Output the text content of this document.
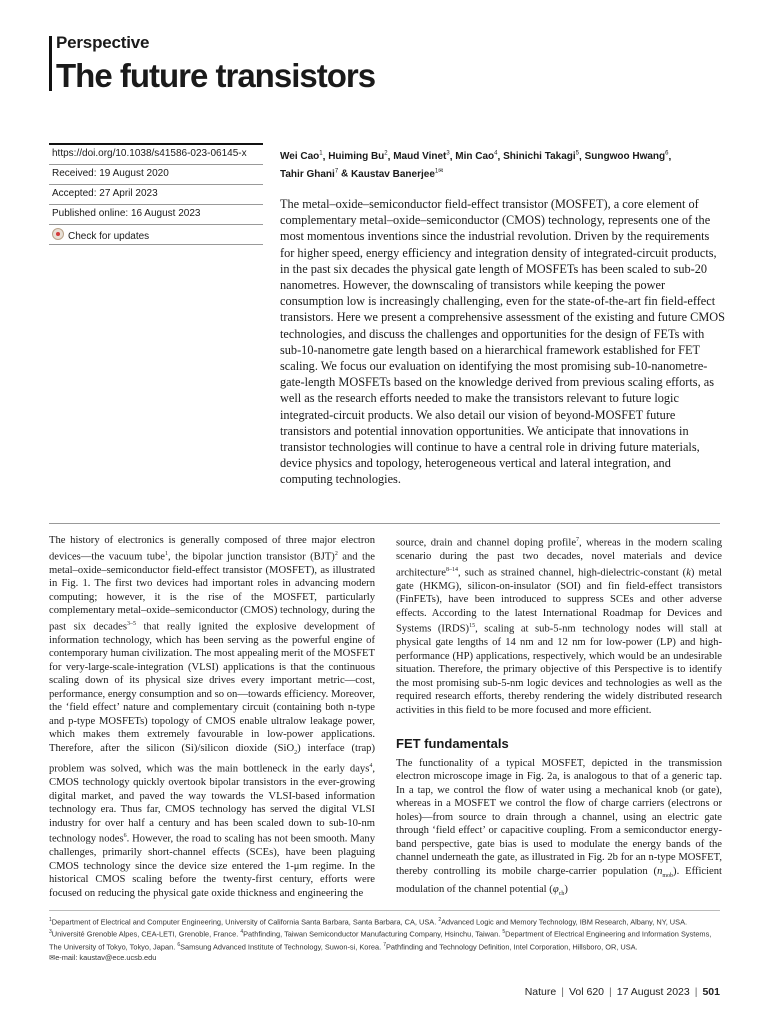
Perspective
The future transistors
https://doi.org/10.1038/s41586-023-06145-x
Received: 19 August 2020
Accepted: 27 April 2023
Published online: 16 August 2023
Check for updates
Wei Cao$^1$, Huiming Bu$^2$, Maud Vinet$^3$, Min Cao$^4$, Shinichi Takagi$^5$, Sungwoo Hwang$^6$,
Tahir Ghani$^7$ & Kaustav Banerjee$^{1✉}$
The metal–oxide–semiconductor field-effect transistor (MOSFET), a core element of complementary metal–oxide–semiconductor (CMOS) technology, represents one of the most momentous inventions since the industrial revolution. Driven by the requirements for higher speed, energy efficiency and integration density of integrated-circuit products, in the past six decades the physical gate length of MOSFETs has been scaled to sub-20 nanometres. However, the downscaling of transistors while keeping the power consumption low is increasingly challenging, even for the state-of-the-art fin field-effect transistors. Here we present a comprehensive assessment of the existing and future CMOS technologies, and discuss the challenges and opportunities for the design of FETs with sub-10-nanometre gate length based on a hierarchical framework established for FET scaling. We focus our evaluation on identifying the most promising sub-10-nanometre-gate-length MOSFETs based on the knowledge derived from previous scaling efforts, as well as the research efforts needed to make the transistors relevant to future logic integrated-circuit products. We also detail our vision of beyond-MOSFET future transistors and potential innovation opportunities. We anticipate that innovations in transistor technologies will continue to have a central role in driving future materials, device physics and topology, heterogeneous vertical and lateral integration, and computing technologies.

The history of electronics is generally composed of three major electron devices—the vacuum tube$^1$, the bipolar junction transistor (BJT)$^2$ and the metal–oxide–semiconductor field-effect transistor (MOSFET), as illustrated in Fig. 1. The first two devices had important roles in advancing modern computing; however, it is the rise of the MOSFET, particularly complementary metal–oxide–semiconductor (CMOS) technology, during the past six decades$^{3-5}$ that really ignited the explosive development of information technology, which has been serving as the powerful engine of contemporary human civilization. The most appealing merit of the MOSFET for very-large-scale-integration (VLSI) applications is that the continuous scaling down of its physical size drives every important metric—cost, performance, energy consumption and so on—towards efficiency. Moreover, the ‘field effect’ nature and complementary circuit (containing both n-type and p-type MOSFETs) topology of CMOS enable ultralow leakage power, which makes them extremely favourable in low-power applications. Therefore, after the silicon (Si)/silicon dioxide (SiO$_2$) interface (trap) problem was solved, which was the main bottleneck in the early days$^4$, CMOS technology quickly overtook bipolar transistors in the ever-growing digital market, and paved the way towards the VLSI-based information technology era. Thus far, CMOS technology has served the digital VLSI industry for over half a century and has been scaled down to sub-10-nm technology nodes$^6$. However, the road to scaling has not been smooth. Many challenges, primarily short-channel effects (SCEs), have been plaguing CMOS technology since the device size entered the 1-μm regime. In the historical CMOS scaling before the twenty-first century, efforts were focused on reducing the physical gate oxide thickness and engineering the

source, drain and channel doping profile$^7$, whereas in the modern scaling scenario during the past two decades, novel materials and device architecture$^{8-14}$, such as strained channel, high-dielectric-constant (k) metal gate (HKMG), silicon-on-insulator (SOI) and fin field-effect transistors (FinFETs), have been introduced to suppress SCEs and other adverse effects. According to the latest International Roadmap for Devices and Systems (IRDS)$^{15}$, scaling at sub-5-nm technology nodes will stall at physical gate lengths of 14 nm and 12 nm for low-power (LP) and high-performance (HP) applications, respectively, which would be an undesirable situation. Therefore, the primary objective of this Perspective is to identify the most promising sub-5-nm logic devices and technologies as well as the required research efforts, thereby rendering the widely distributed research activities in this field to be more focused and more efficient.

FET fundamentals

The functionality of a typical MOSFET, depicted in the transmission electron microscope image in Fig. 2a, is analogous to that of a generic tap. In a tap, we control the flow of water using a mechanical knob (or gate), whereas in a MOSFET we control the flow of charge carriers (electrons or holes)—from source to drain through a channel, using an electric gate through ‘field effect’ or capacitive coupling. From a semiconductor energy-band perspective, gate bias is used to modulate the energy bands of the channel underneath the gate, as illustrated in Fig. 2b for an n-type MOSFET, thereby controlling its mobile charge-carrier population $(n_{mob})$. Efficient modulation of the channel potential $(\varphi_{ch})$

$^1$Department of Electrical and Computer Engineering, University of California Santa Barbara, Santa Barbara, CA, USA. $^2$Advanced Logic and Memory Technology, IBM Research, Albany, NY, USA. $^3$Université Grenoble Alpes, CEA-LETI, Grenoble, France. $^4$Pathfinding, Taiwan Semiconductor Manufacturing Company, Hsinchu, Taiwan. $^5$Department of Electrical Engineering and Information Systems, The University of Tokyo, Tokyo, Japan. $^6$Samsung Advanced Institute of Technology, Suwon-si, Korea. $^7$Pathfinding and Technology Definition, Intel Corporation, Hillsboro, OR, USA.
✉e-mail: kaustav@ece.ucsb.edu
Nature | Vol 620 | 17 August 2023 | 501
